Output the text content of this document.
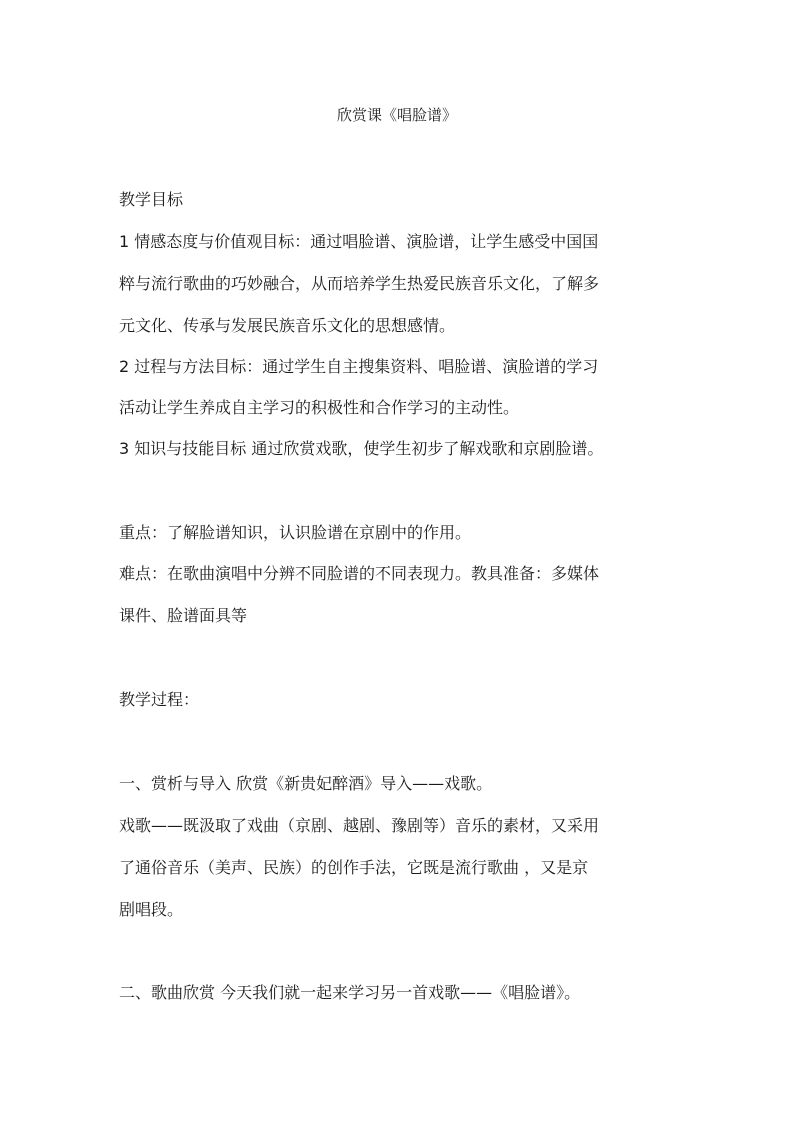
欣赏课《唱脸谱》
教学目标
1 情感态度与价值观目标：通过唱脸谱、演脸谱，让学生感受中国国
粹与流行歌曲的巧妙融合，从而培养学生热爱民族音乐文化，了解多
元文化、传承与发展民族音乐文化的思想感情。
2 过程与方法目标：通过学生自主搜集资料、唱脸谱、演脸谱的学习
活动让学生养成自主学习的积极性和合作学习的主动性。
3 知识与技能目标 通过欣赏戏歌，使学生初步了解戏歌和京剧脸谱。
重点：了解脸谱知识，认识脸谱在京剧中的作用。
难点：在歌曲演唱中分辨不同脸谱的不同表现力。教具准备：多媒体
课件、脸谱面具等
教学过程：
一、赏析与导入 欣赏《新贵妃醉酒》导入——戏歌。
戏歌——既汲取了戏曲（京剧、越剧、豫剧等）音乐的素材，又采用
了通俗音乐（美声、民族）的创作手法，它既是流行歌曲 ，又是京
剧唱段。
二、歌曲欣赏 今天我们就一起来学习另一首戏歌——《唱脸谱》。
